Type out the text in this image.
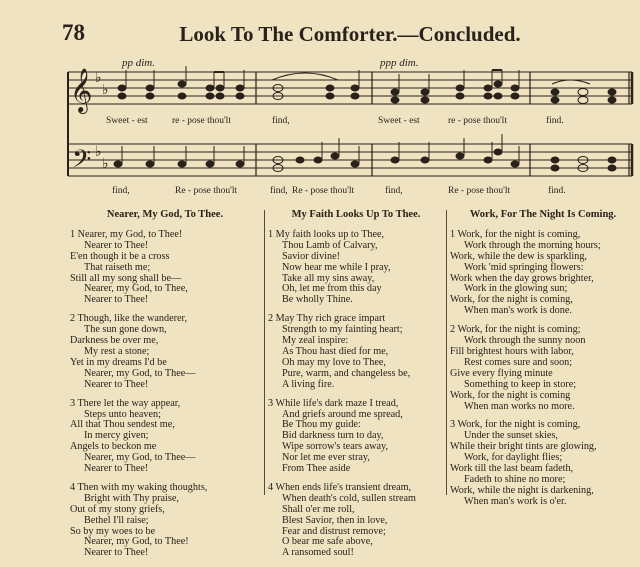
78	Look To The Comforter.—Concluded.
pp dim.	ppp dim.
𝄞
𝄢
♭
♭
♭
♭
Sweet - est	re - pose thou'lt	find,	Sweet - est	re - pose thou'lt	find.
find,	Re - pose thou'lt	find, Re - pose thou'lt	find,	Re - pose thou'lt	find.
Nearer, My God, To Thee.
1 Nearer, my God, to Thee!
Nearer to Thee!
E'en though it be a cross
That raiseth me;
Still all my song shall be—
Nearer, my God, to Thee,
Nearer to Thee!
2 Though, like the wanderer,
The sun gone down,
Darkness be over me,
My rest a stone;
Yet in my dreams I'd be
Nearer, my God, to Thee—
Nearer to Thee!
3 There let the way appear,
Steps unto heaven;
All that Thou sendest me,
In mercy given;
Angels to beckon me
Nearer, my God, to Thee—
Nearer to Thee!
4 Then with my waking thoughts,
Bright with Thy praise,
Out of my stony griefs,
Bethel I'll raise;
So by my woes to be
Nearer, my God, to Thee!
Nearer to Thee!
My Faith Looks Up To Thee.
1 My faith looks up to Thee,
Thou Lamb of Calvary,
Savior divine!
Now hear me while I pray,
Take all my sins away,
Oh, let me from this day
Be wholly Thine.
2 May Thy rich grace impart
Strength to my fainting heart;
My zeal inspire:
As Thou hast died for me,
Oh may my love to Thee,
Pure, warm, and changeless be,
A living fire.
3 While life's dark maze I tread,
And griefs around me spread,
Be Thou my guide:
Bid darkness turn to day,
Wipe sorrow's tears away,
Nor let me ever stray,
From Thee aside
4 When ends life's transient dream,
When death's cold, sullen stream
Shall o'er me roll,
Blest Savior, then in love,
Fear and distrust remove;
O bear me safe above,
A ransomed soul!
Work, For The Night Is Coming.
1 Work, for the night is coming,
Work through the morning hours;
Work, while the dew is sparkling,
Work 'mid springing flowers:
Work when the day grows brighter,
Work in the glowing sun;
Work, for the night is coming,
When man's work is done.
2 Work, for the night is coming;
Work through the sunny noon
Fill brightest hours with labor,
Rest comes sure and soon;
Give every flying minute
Something to keep in store;
Work, for the night is coming
When man works no more.
3 Work, for the night is coming,
Under the sunset skies,
While their bright tints are glowing,
Work, for daylight flies;
Work till the last beam fadeth,
Fadeth to shine no more;
Work, while the night is darkening,
When man's work is o'er.
